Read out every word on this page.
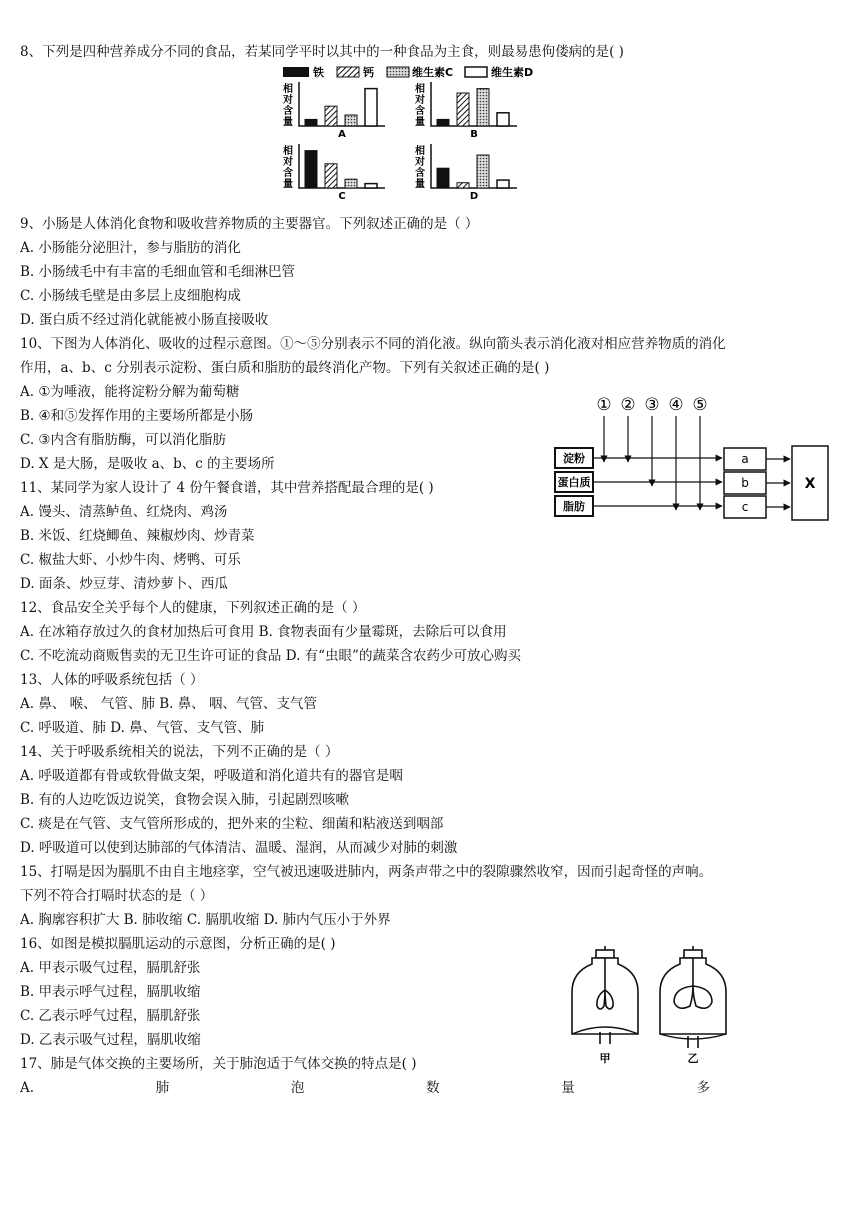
8、下列是四种营养成分不同的食品，若某同学平时以其中的一种食品为主食，则最易患佝偻病的是( )
铁	钙	维生素C	维生素D
相
对
含
量
A
相
对
含
量
B
相
对
含
量
C
相
对
含
量
D
9、小肠是人体消化食物和吸收营养物质的主要器官。下列叙述正确的是（ ）
A. 小肠能分泌胆汁，参与脂肪的消化
B. 小肠绒毛中有丰富的毛细血管和毛细淋巴管
C. 小肠绒毛壁是由多层上皮细胞构成
D. 蛋白质不经过消化就能被小肠直接吸收
10、下图为人体消化、吸收的过程示意图。①～⑤分别表示不同的消化液。纵向箭头表示消化液对相应营养物质的消化
作用，a、b、c 分别表示淀粉、蛋白质和脂肪的最终消化产物。下列有关叙述正确的是( )
A. ①为唾液，能将淀粉分解为葡萄糖
B. ④和⑤发挥作用的主要场所都是小肠
C. ③内含有脂肪酶，可以消化脂肪
D. X 是大肠，是吸收 a、b、c 的主要场所
① ② ③ ④ ⑤
淀粉
蛋白质
脂肪
a
b
c
X
11、某同学为家人设计了 4 份午餐食谱，其中营养搭配最合理的是( )
A. 馒头、清蒸鲈鱼、红烧肉、鸡汤
B. 米饭、红烧鲫鱼、辣椒炒肉、炒青菜
C. 椒盐大虾、小炒牛肉、烤鸭、可乐
D. 面条、炒豆芽、清炒萝卜、西瓜
12、食品安全关乎每个人的健康，下列叙述正确的是（ ）
A. 在冰箱存放过久的食材加热后可食用 B. 食物表面有少量霉斑，去除后可以食用
C. 不吃流动商贩售卖的无卫生许可证的食品 D. 有“虫眼”的蔬菜含农药少可放心购买
13、人体的呼吸系统包括（ ）
A. 鼻、 喉、 气管、肺 B. 鼻、 咽、气管、支气管
C. 呼吸道、肺 D. 鼻、气管、支气管、肺
14、关于呼吸系统相关的说法，下列不正确的是（ ）
A. 呼吸道都有骨或软骨做支架，呼吸道和消化道共有的器官是咽
B. 有的人边吃饭边说笑，食物会误入肺，引起剧烈咳嗽
C. 痰是在气管、支气管所形成的，把外来的尘粒、细菌和粘液送到咽部
D. 呼吸道可以使到达肺部的气体清洁、温暖、湿润，从而减少对肺的刺激
15、打嗝是因为膈肌不由自主地痉挛，空气被迅速吸进肺内，两条声带之中的裂隙骤然收窄，因而引起奇怪的声响。
下列不符合打嗝时状态的是（ ）
A. 胸廓容积扩大 B. 肺收缩 C. 膈肌收缩 D. 肺内气压小于外界
16、如图是模拟膈肌运动的示意图，分析正确的是( )
A. 甲表示吸气过程，膈肌舒张
B. 甲表示呼气过程，膈肌收缩
C. 乙表示呼气过程，膈肌舒张
D. 乙表示吸气过程，膈肌收缩
甲	乙
17、肺是气体交换的主要场所，关于肺泡适于气体交换的特点是( )
A.	肺	泡	数	量	多
